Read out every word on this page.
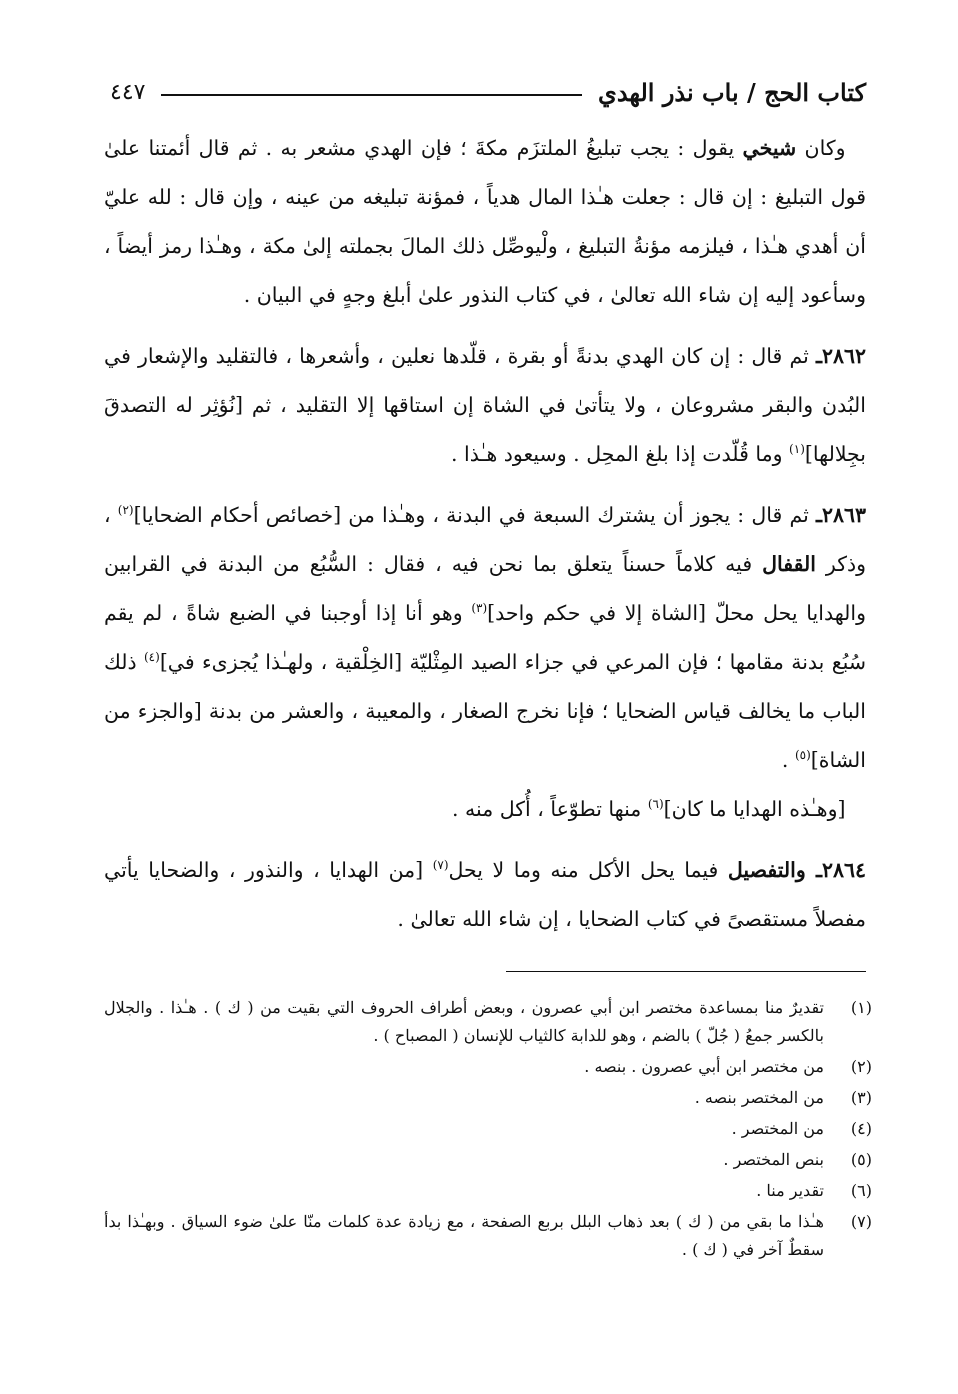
كتاب الحج / باب نذر الهدي
٤٤٧

 وكان شيخي يقول : يجب تبليغُ الملتزَم مكةَ ؛ فإن الهدي مشعر به . ثم قال أئمتنا علىٰ قول التبليغ : إن قال : جعلت هـٰذا المال هدياً ، فمؤنة تبليغه من عينه ، وإن قال : لله عليّ أن أهدي هـٰذا ، فيلزمه مؤنةُ التبليغ ، ولْيوصِّل ذلك المالَ بجملته إلىٰ مكة ، وهـٰذا رمز أيضاً ، وسأعود إليه إن شاء الله تعالىٰ ، في كتاب النذور علىٰ أبلغ وجهٍ في البيان .

٢٨٦٢ـ ثم قال : إن كان الهدي بدنةً أو بقرة ، قلّدها نعلين ، وأشعرها ، فالتقليد والإشعار في البُدن والبقر مشروعان ، ولا يتأتىٰ في الشاة إن استاقها إلا التقليد ، ثم [نُؤثِر له التصدقَ بجِلالها]$^{(١)}$ وما قُلّدت إذا بلغ المحِل . وسيعود هـٰذا .

٢٨٦٣ـ ثم قال : يجوز أن يشترك السبعة في البدنة ، وهـٰذا من [خصائص أحكام الضحايا]$^{(٢)}$ ، وذكر القفال فيه كلاماً حسناً يتعلق بما نحن فيه ، فقال : السُّبُع من البدنة في القرابين والهدايا يحل محلّ [الشاة إلا في حكم واحد]$^{(٣)}$ وهو أنا إذا أوجبنا في الضبع شاةً ، لم يقم سُبُع بدنة مقامها ؛ فإن المرعي في جزاء الصيد المِثْليّة [الخِلْقية ، ولهـٰذا يُجزىء في]$^{(٤)}$ ذلك الباب ما يخالف قياس الضحايا ؛ فإنا نخرج الصغار ، والمعيبة ، والعشر من بدنة [والجزء من الشاة]$^{(٥)}$ .

 [وهـٰذه الهدايا ما كان]$^{(٦)}$ منها تطوّعاً ، أُكل منه .

٢٨٦٤ـ والتفصيل فيما يحل الأكل منه وما لا يحل$^{(٧)}$ [من الهدايا ، والنذور ، والضحايا يأتي مفصلاً مستقصىً في كتاب الضحايا ، إن شاء الله تعالىٰ .

(١)
تقديرٌ منا بمساعدة مختصر ابن أبي عصرون ، وبعض أطراف الحروف التي بقيت من ( ك ) . هـٰذا . والجلال بالكسر جمعُ ( جُلّ ) بالضم ، وهو للدابة كالثياب للإنسان ( المصباح ) .
(٢)
من مختصر ابن أبي عصرون . بنصه .
(٣)
من المختصر بنصه .
(٤)
من المختصر .
(٥)
بنص المختصر .
(٦)
تقدير منا .
(٧)
هـٰذا ما بقي من ( ك ) بعد ذهاب البلل بربع الصفحة ، مع زيادة عدة كلمات منّا علىٰ ضوء السياق . وبهـٰذا بدأ سقطٌ آخر في ( ك ) .
